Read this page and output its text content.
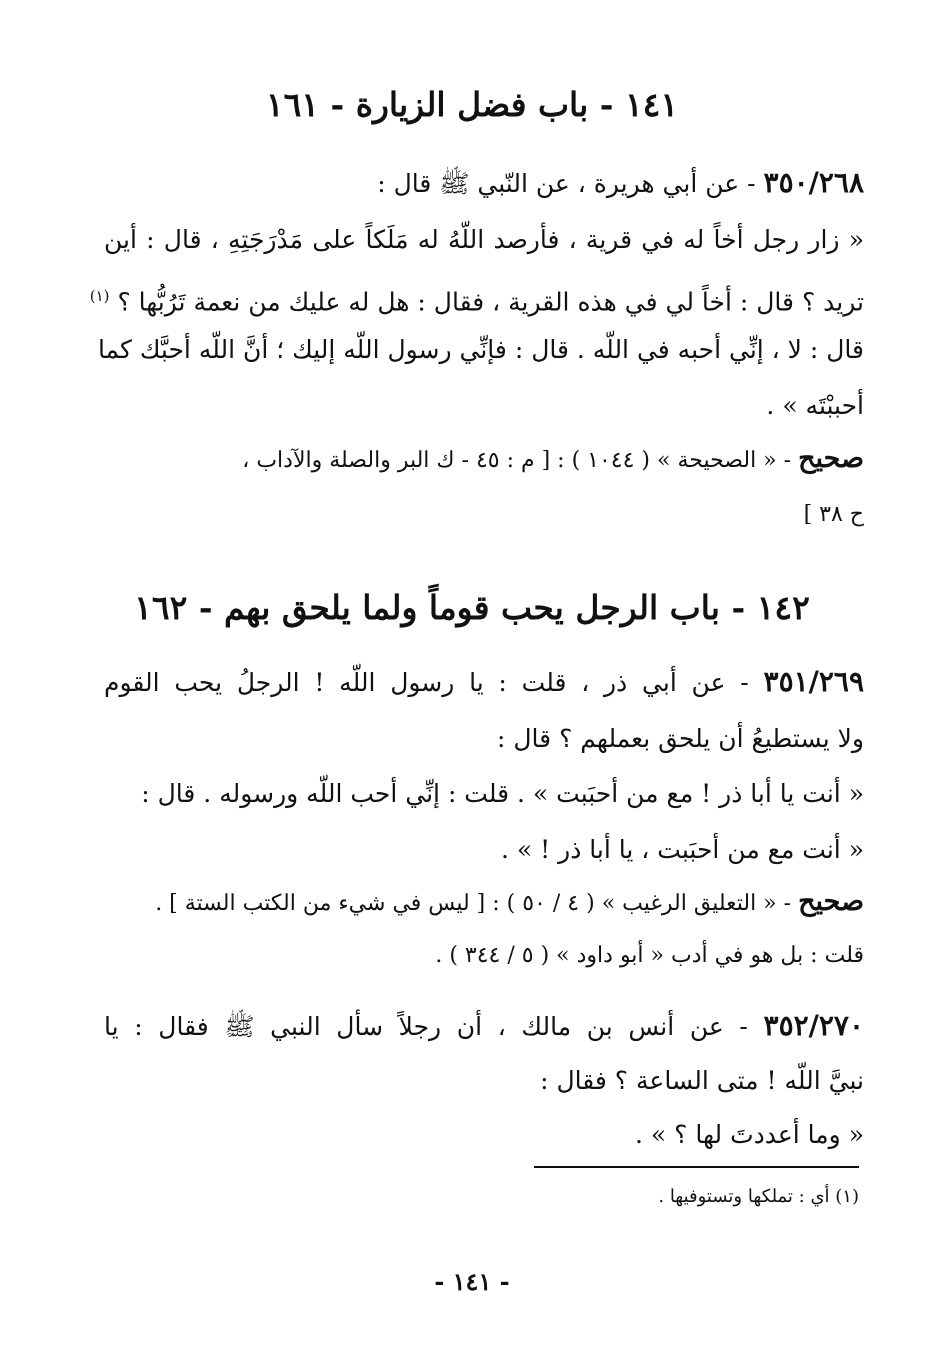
١٤١ - باب فضل الزيارة - ١٦١
٣٥٠/٢٦٨ - عن أبي هريرة ، عن النّبي ﷺ قال :
« زار رجل أخاً له في قرية ، فأرصد اللّهُ له مَلَكاً على مَدْرَجَتِهِ ، قال : أين
تريد ؟ قال : أخاً لي في هذه القرية ، فقال : هل له عليك من نعمة تَرُبُّها ؟ $^{(١)}$
قال : لا ، إنِّي أحبه في اللّه . قال : فإنِّي رسول اللّه إليك ؛ أنَّ اللّه أحبَّك كما
أحببْتَه » .
صحيح - « الصحيحة » ( ١٠٤٤ ) : [ م : ٤٥ - ك البر والصلة والآداب ،
ح ٣٨ ]
١٤٢ - باب الرجل يحب قوماً ولما يلحق بهم - ١٦٢
٣٥١/٢٦٩ - عن أبي ذر ، قلت : يا رسول اللّه ! الرجلُ يحب القوم
ولا يستطيعُ أن يلحق بعملهم ؟ قال :
« أنت يا أبا ذر ! مع من أحبَبت » . قلت : إنِّي أحب اللّه ورسوله . قال :
« أنت مع من أحبَبت ، يا أبا ذر ! » .
صحيح - « التعليق الرغيب » ( ٤ / ٥٠ ) : [ ليس في شيء من الكتب الستة ] .
قلت : بل هو في أدب « أبو داود » ( ٥ / ٣٤٤ ) .
٣٥٢/٢٧٠ - عن أنس بن مالك ، أن رجلاً سأل النبي ﷺ فقال : يا
نبيَّ اللّه ! متى الساعة ؟ فقال :
« وما أعددتَ لها ؟ » .
(١) أي : تملكها وتستوفيها .
- ١٤١ -
